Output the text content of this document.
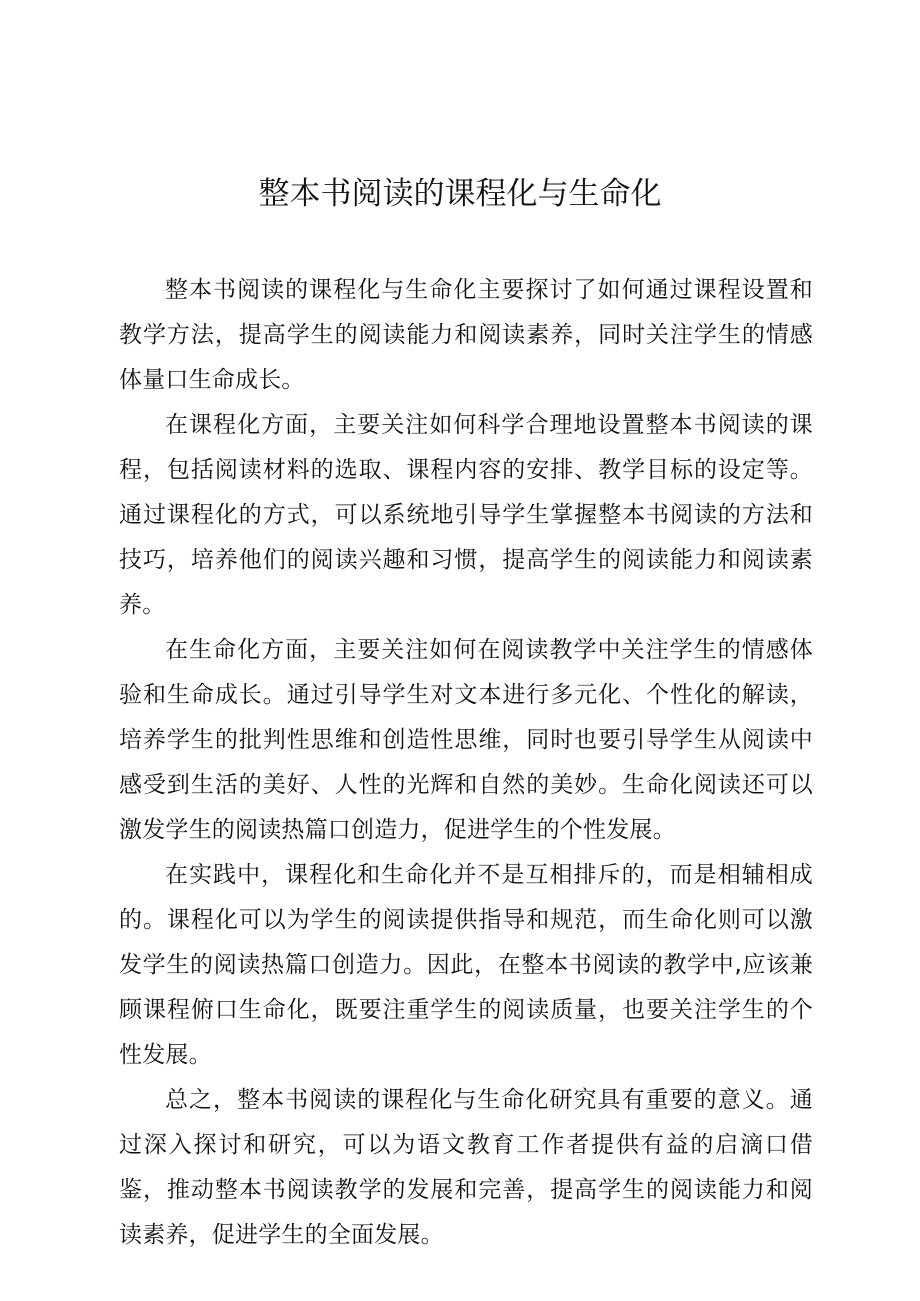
整本书阅读的课程化与生命化

整本书阅读的课程化与生命化主要探讨了如何通过课程设置和教学方法，提高学生的阅读能力和阅读素养，同时关注学生的情感体量口生命成长。

在课程化方面，主要关注如何科学合理地设置整本书阅读的课程，包括阅读材料的选取、课程内容的安排、教学目标的设定等。通过课程化的方式，可以系统地引导学生掌握整本书阅读的方法和技巧，培养他们的阅读兴趣和习惯，提高学生的阅读能力和阅读素养。

在生命化方面，主要关注如何在阅读教学中关注学生的情感体验和生命成长。通过引导学生对文本进行多元化、个性化的解读，培养学生的批判性思维和创造性思维，同时也要引导学生从阅读中感受到生活的美好、人性的光辉和自然的美妙。生命化阅读还可以激发学生的阅读热篇口创造力，促进学生的个性发展。

在实践中，课程化和生命化并不是互相排斥的，而是相辅相成的。课程化可以为学生的阅读提供指导和规范，而生命化则可以激发学生的阅读热篇口创造力。因此，在整本书阅读的教学中,应该兼顾课程俯口生命化，既要注重学生的阅读质量，也要关注学生的个性发展。

总之，整本书阅读的课程化与生命化研究具有重要的意义。通过深入探讨和研究，可以为语文教育工作者提供有益的启滴口借鉴，推动整本书阅读教学的发展和完善，提高学生的阅读能力和阅读素养，促进学生的全面发展。
